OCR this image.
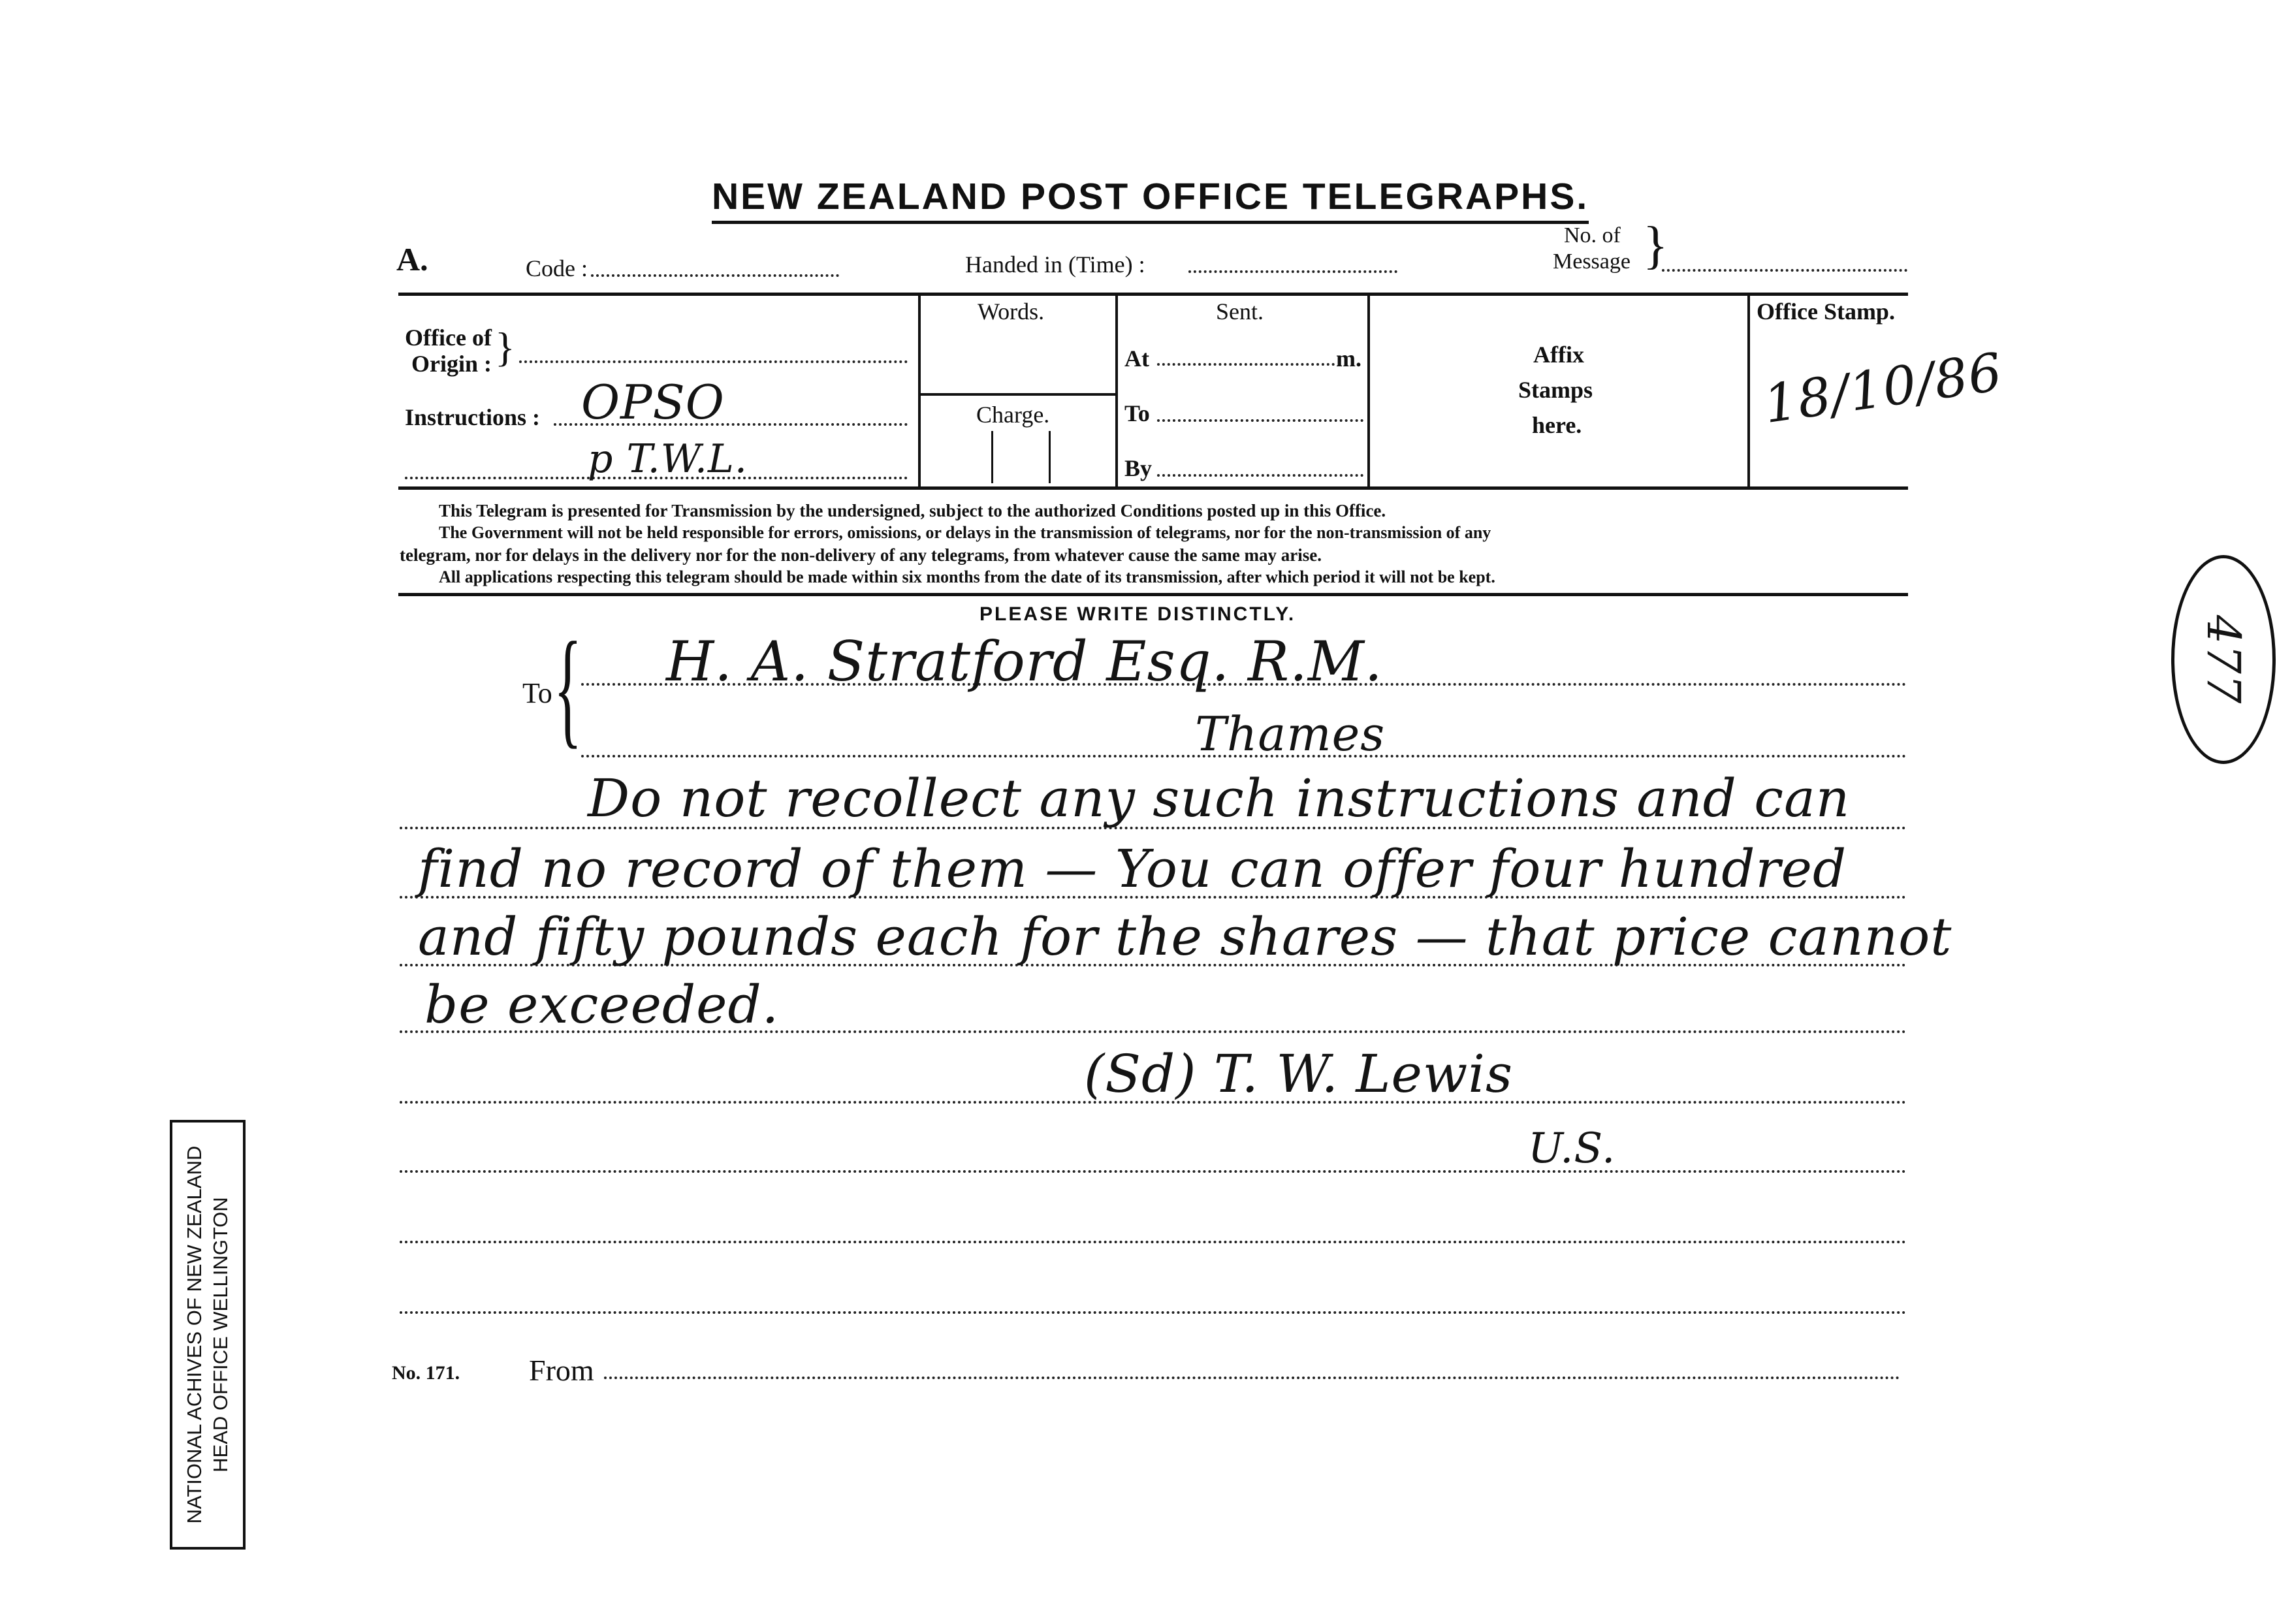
NEW ZEALAND POST OFFICE TELEGRAPHS.
A.	Code :	Handed in (Time) :
No. of
Message }
Office of
Origin : }
Instructions : OPSO
p T.W.L.
Words.
Charge.
Sent.
At	m.
To
By
Affix
Stamps
here.
Office Stamp.
18/10/86
This Telegram is presented for Transmission by the undersigned, subject to the authorized Conditions posted up in this Office.
The Government will not be held responsible for errors, omissions, or delays in the transmission of telegrams, nor for the non-transmission of any
telegram, nor for delays in the delivery nor for the non-delivery of any telegrams, from whatever cause the same may arise.
All applications respecting this telegram should be made within six months from the date of its transmission, after which period it will not be kept.
PLEASE WRITE DISTINCTLY.
To { H. A. Stratford Esq. R.M.
Thames
Do not recollect any such instructions and can
find no record of them — You can offer four hundred
and fifty pounds each for the shares — that price cannot
be exceeded.
(Sd) T. W. Lewis
U.S.
No. 171. From
NATIONAL ACHIVES OF NEW ZEALAND HEAD OFFICE WELLINGTON
477
